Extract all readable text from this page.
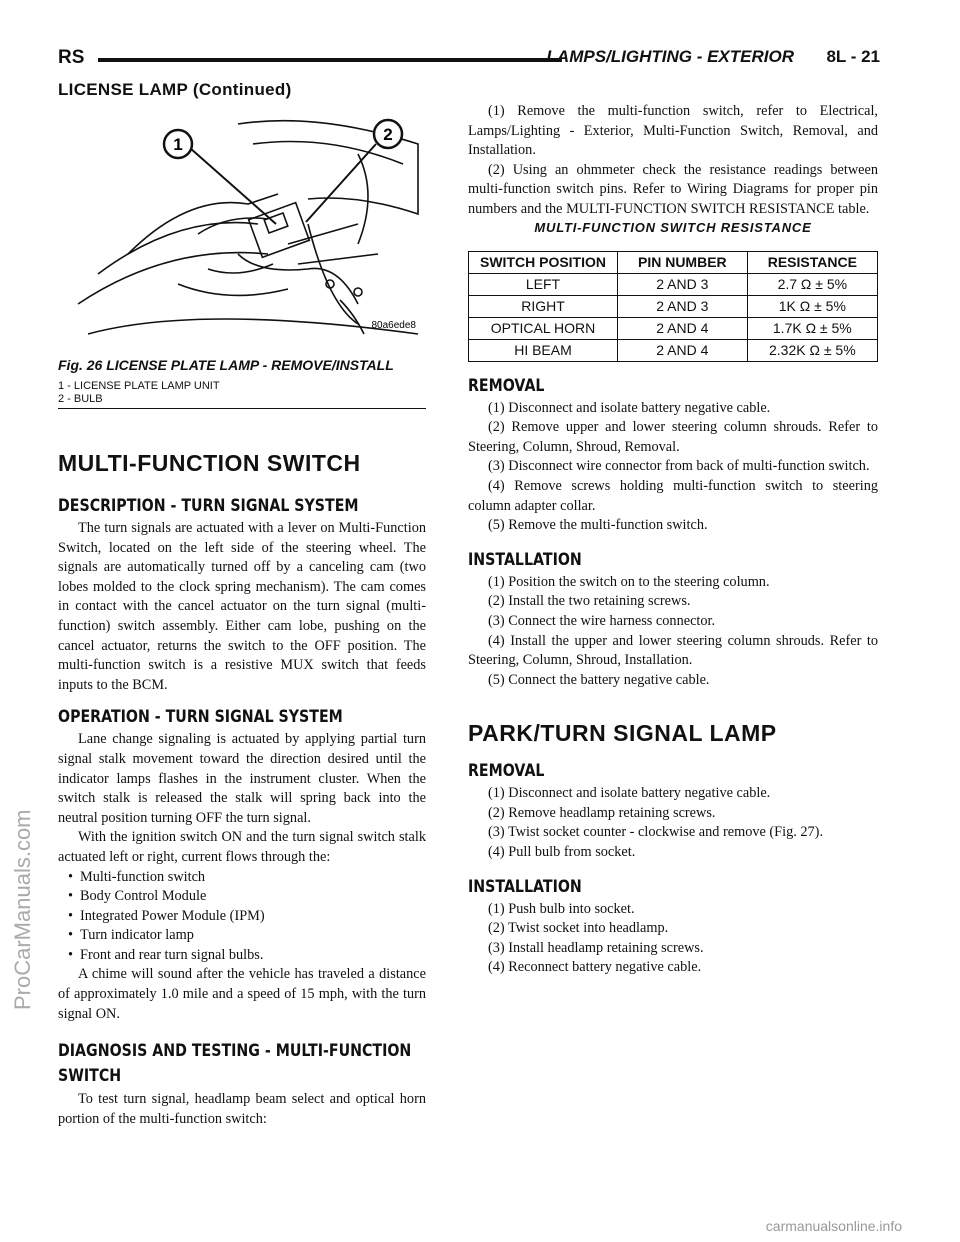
RS	LAMPS/LIGHTING - EXTERIOR 8L - 21
LICENSE LAMP (Continued)
1
2
80a6ede8
Fig. 26 LICENSE PLATE LAMP - REMOVE/INSTALL
1 - LICENSE PLATE LAMP UNIT
2 - BULB
MULTI-FUNCTION SWITCH
DESCRIPTION - TURN SIGNAL SYSTEM

The turn signals are actuated with a lever on Multi-Function Switch, located on the left side of the steering wheel. The signals are automatically turned off by a canceling cam (two lobes molded to the clock spring mechanism). The cam comes in contact with the cancel actuator on the turn signal (multi-function) switch assembly. Either cam lobe, pushing on the cancel actuator, returns the switch to the OFF position. The multi-function switch is a resistive MUX switch that feeds inputs to the BCM.

OPERATION - TURN SIGNAL SYSTEM

Lane change signaling is actuated by applying partial turn signal stalk movement toward the direction desired until the indicator lamps flashes in the instrument cluster. When the switch stalk is released the stalk will spring back into the neutral position turning OFF the turn signal.

With the ignition switch ON and the turn signal switch stalk actuated left or right, current flows through the:

• Multi-function switch
• Body Control Module
• Integrated Power Module (IPM)
• Turn indicator lamp
• Front and rear turn signal bulbs.

A chime will sound after the vehicle has traveled a distance of approximately 1.0 mile and a speed of 15 mph, with the turn signal ON.

DIAGNOSIS AND TESTING - MULTI-FUNCTION
SWITCH

To test turn signal, headlamp beam select and optical horn portion of the multi-function switch:

(1) Remove the multi-function switch, refer to Electrical, Lamps/Lighting - Exterior, Multi-Function Switch, Removal, and Installation.

(2) Using an ohmmeter check the resistance readings between multi-function switch pins. Refer to Wiring Diagrams for proper pin numbers and the MULTI-FUNCTION SWITCH RESISTANCE table.

MULTI-FUNCTION SWITCH RESISTANCE
SWITCH POSITION	PIN NUMBER	RESISTANCE
LEFT	2 AND 3	2.7 Ω ± 5%
RIGHT	2 AND 3	1K Ω ± 5%
OPTICAL HORN	2 AND 4	1.7K Ω ± 5%
HI BEAM	2 AND 4	2.32K Ω ± 5%
REMOVAL

(1) Disconnect and isolate battery negative cable.

(2) Remove upper and lower steering column shrouds. Refer to Steering, Column, Shroud, Removal.

(3) Disconnect wire connector from back of multi-function switch.

(4) Remove screws holding multi-function switch to steering column adapter collar.

(5) Remove the multi-function switch.

INSTALLATION

(1) Position the switch on to the steering column.

(2) Install the two retaining screws.

(3) Connect the wire harness connector.

(4) Install the upper and lower steering column shrouds. Refer to Steering, Column, Shroud, Installation.

(5) Connect the battery negative cable.

PARK/TURN SIGNAL LAMP
REMOVAL

(1) Disconnect and isolate battery negative cable.

(2) Remove headlamp retaining screws.

(3) Twist socket counter - clockwise and remove (Fig. 27).

(4) Pull bulb from socket.

INSTALLATION

(1) Push bulb into socket.

(2) Twist socket into headlamp.

(3) Install headlamp retaining screws.

(4) Reconnect battery negative cable.

ProCarManuals.com
carmanualsonline.info
